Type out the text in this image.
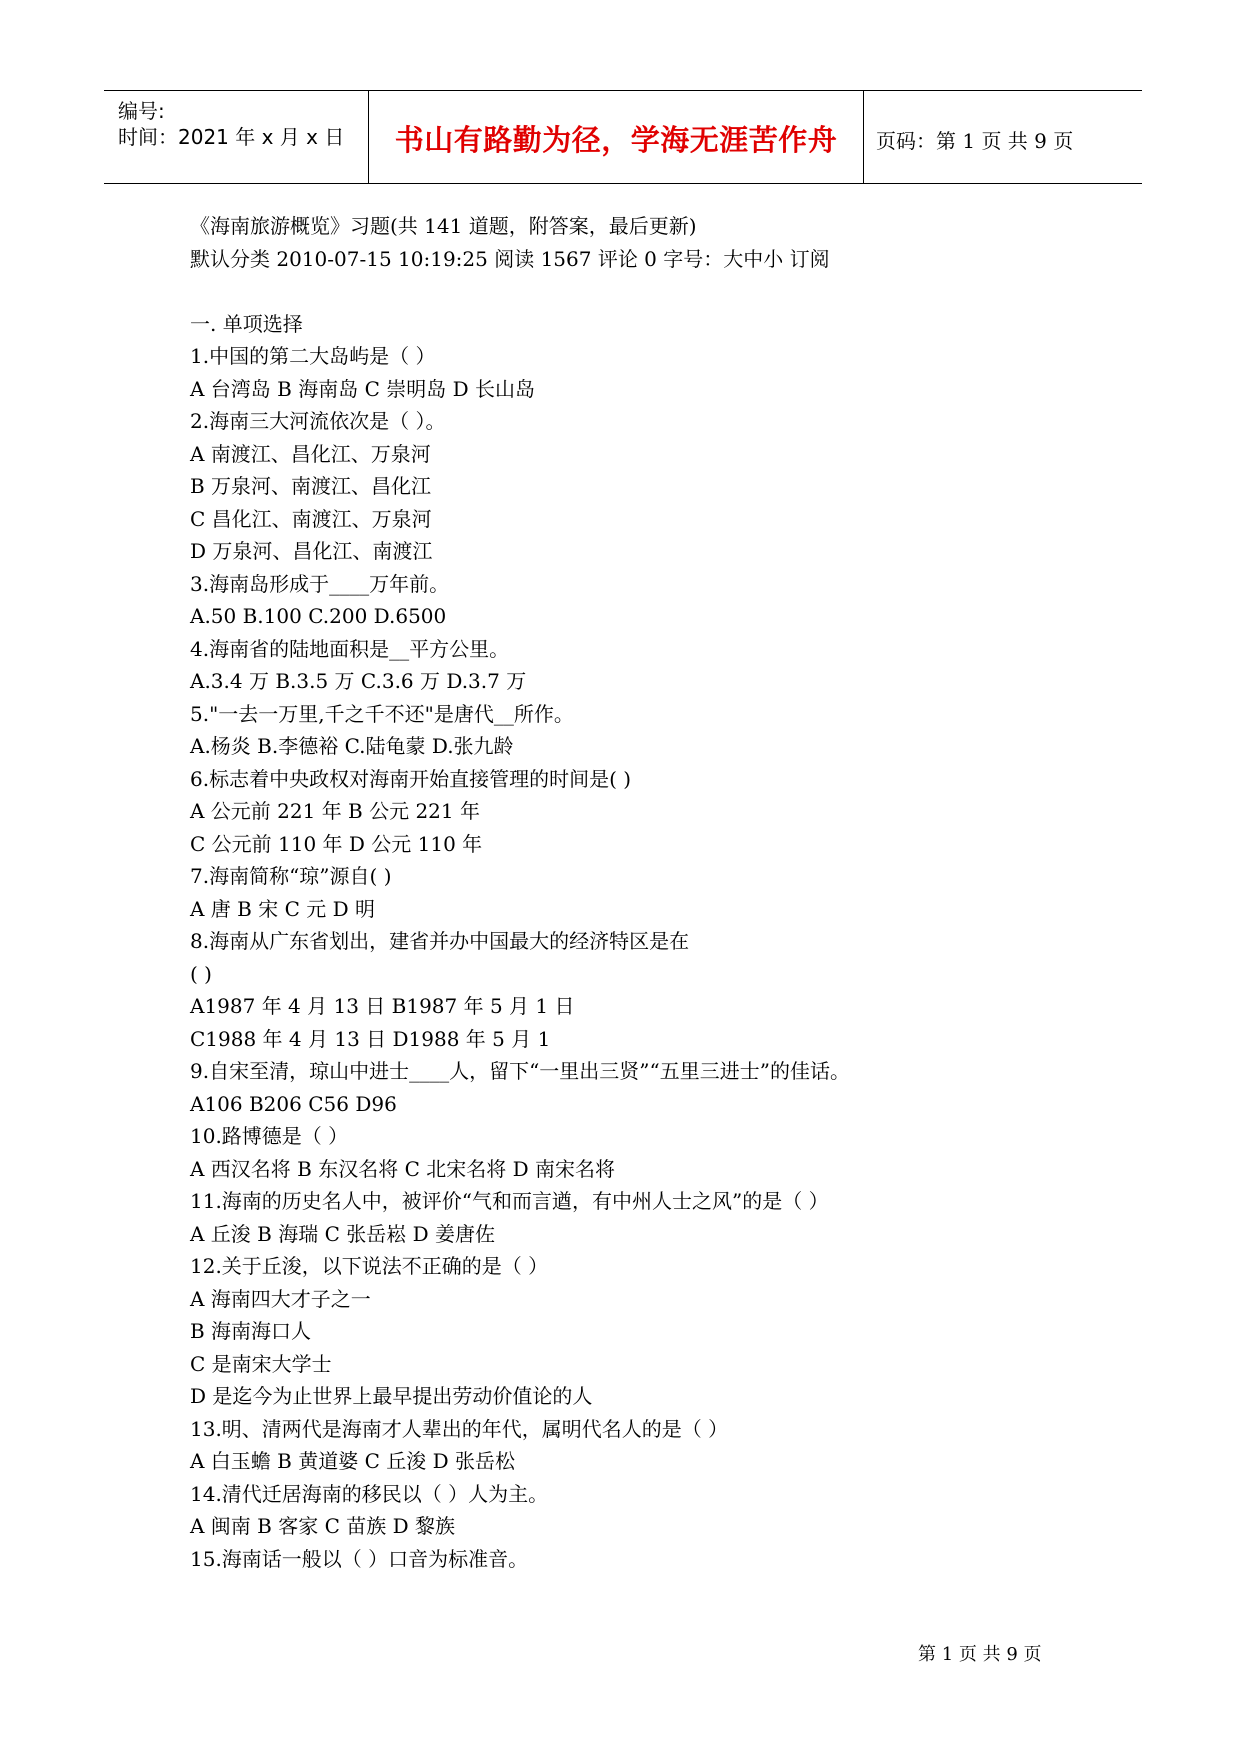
编号:
时间：2021 年 x 月 x 日	书山有路勤为径，学海无涯苦作舟	页码：第 1 页 共 9 页
《海南旅游概览》习题(共 141 道题，附答案，最后更新)
默认分类 2010-07-15 10:19:25 阅读 1567 评论 0 字号：大中小 订阅
一. 单项选择
1.中国的第二大岛屿是（ ）
A 台湾岛 B 海南岛 C 崇明岛 D 长山岛
2.海南三大河流依次是（ ）。
A 南渡江、昌化江、万泉河
B 万泉河、南渡江、昌化江
C 昌化江、南渡江、万泉河
D 万泉河、昌化江、南渡江
3.海南岛形成于____万年前。
A.50 B.100 C.200 D.6500
4.海南省的陆地面积是__平方公里。
A.3.4 万 B.3.5 万 C.3.6 万 D.3.7 万
5."一去一万里,千之千不还"是唐代__所作。
A.杨炎 B.李德裕 C.陆龟蒙 D.张九龄
6.标志着中央政权对海南开始直接管理的时间是( )
A 公元前 221 年 B 公元 221 年
C 公元前 110 年 D 公元 110 年
7.海南简称“琼”源自( )
A 唐 B 宋 C 元 D 明
8.海南从广东省划出，建省并办中国最大的经济特区是在
( )
A1987 年 4 月 13 日 B1987 年 5 月 1 日
C1988 年 4 月 13 日 D1988 年 5 月 1
9.自宋至清，琼山中进士____人，留下“一里出三贤”“五里三进士”的佳话。
A106 B206 C56 D96
10.路博德是（ ）
A 西汉名将 B 东汉名将 C 北宋名将 D 南宋名将
11.海南的历史名人中，被评价“气和而言遒，有中州人士之风”的是（ ）
A 丘浚 B 海瑞 C 张岳崧 D 姜唐佐
12.关于丘浚，以下说法不正确的是（ ）
A 海南四大才子之一
B 海南海口人
C 是南宋大学士
D 是迄今为止世界上最早提出劳动价值论的人
13.明、清两代是海南才人辈出的年代，属明代名人的是（ ）
A 白玉蟾 B 黄道婆 C 丘浚 D 张岳松
14.清代迁居海南的移民以（ ）人为主。
A 闽南 B 客家 C 苗族 D 黎族
15.海南话一般以（ ）口音为标准音。
第 1 页 共 9 页
